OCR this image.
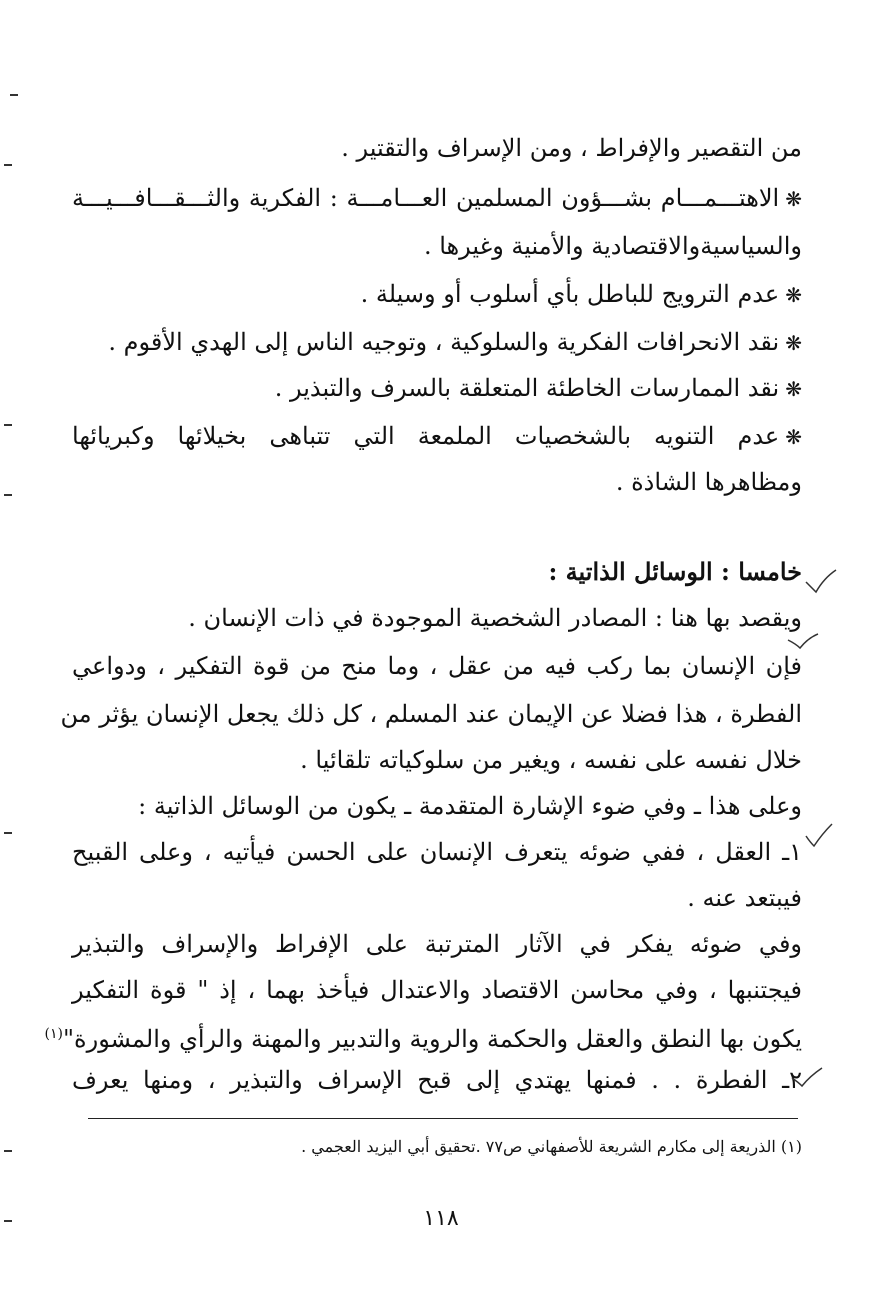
من التقصير والإفراط ، ومن الإسراف والتقتير .
❋الاهتـــمـــام بشـــؤون المسلمين العـــامـــة : الفكرية والثـــقـــافـــيـــة
والسياسيةوالاقتصادية والأمنية وغيرها .
❋عدم الترويج للباطل بأي أسلوب أو وسيلة .
❋نقد الانحرافات الفكرية والسلوكية ، وتوجيه الناس إلى الهدي الأقوم .
❋نقد الممارسات الخاطئة المتعلقة بالسرف والتبذير .
❋عدم التنويه بالشخصيات الملمعة التي تتباهى بخيلائها وكبريائها
ومظاهرها الشاذة .
خامسا : الوسائل الذاتية :
ويقصد بها هنا : المصادر الشخصية الموجودة في ذات الإنسان .
فإن الإنسان بما ركب فيه من عقل ، وما منح من قوة التفكير ، ودواعي
الفطرة ، هذا فضلا عن الإيمان عند المسلم ، كل ذلك يجعل الإنسان يؤثر من
خلال نفسه على نفسه ، ويغير من سلوكياته تلقائيا .
وعلى هذا ـ وفي ضوء الإشارة المتقدمة ـ يكون من الوسائل الذاتية :
١ـ العقل ، ففي ضوئه يتعرف الإنسان على الحسن فيأتيه ، وعلى القبيح
فيبتعد عنه .
وفي ضوئه يفكر في الآثار المترتبة على الإفراط والإسراف والتبذير
فيجتنبها ، وفي محاسن الاقتصاد والاعتدال فيأخذ بهما ، إذ " قوة التفكير
يكون بها النطق والعقل والحكمة والروية والتدبير والمهنة والرأي والمشورة"$^{(١)}$
٢ـ الفطرة . . فمنها يهتدي إلى قبح الإسراف والتبذير ، ومنها يعرف
(١) الذريعة إلى مكارم الشريعة للأصفهاني ص٧٧ .تحقيق أبي اليزيد العجمي .
١١٨
